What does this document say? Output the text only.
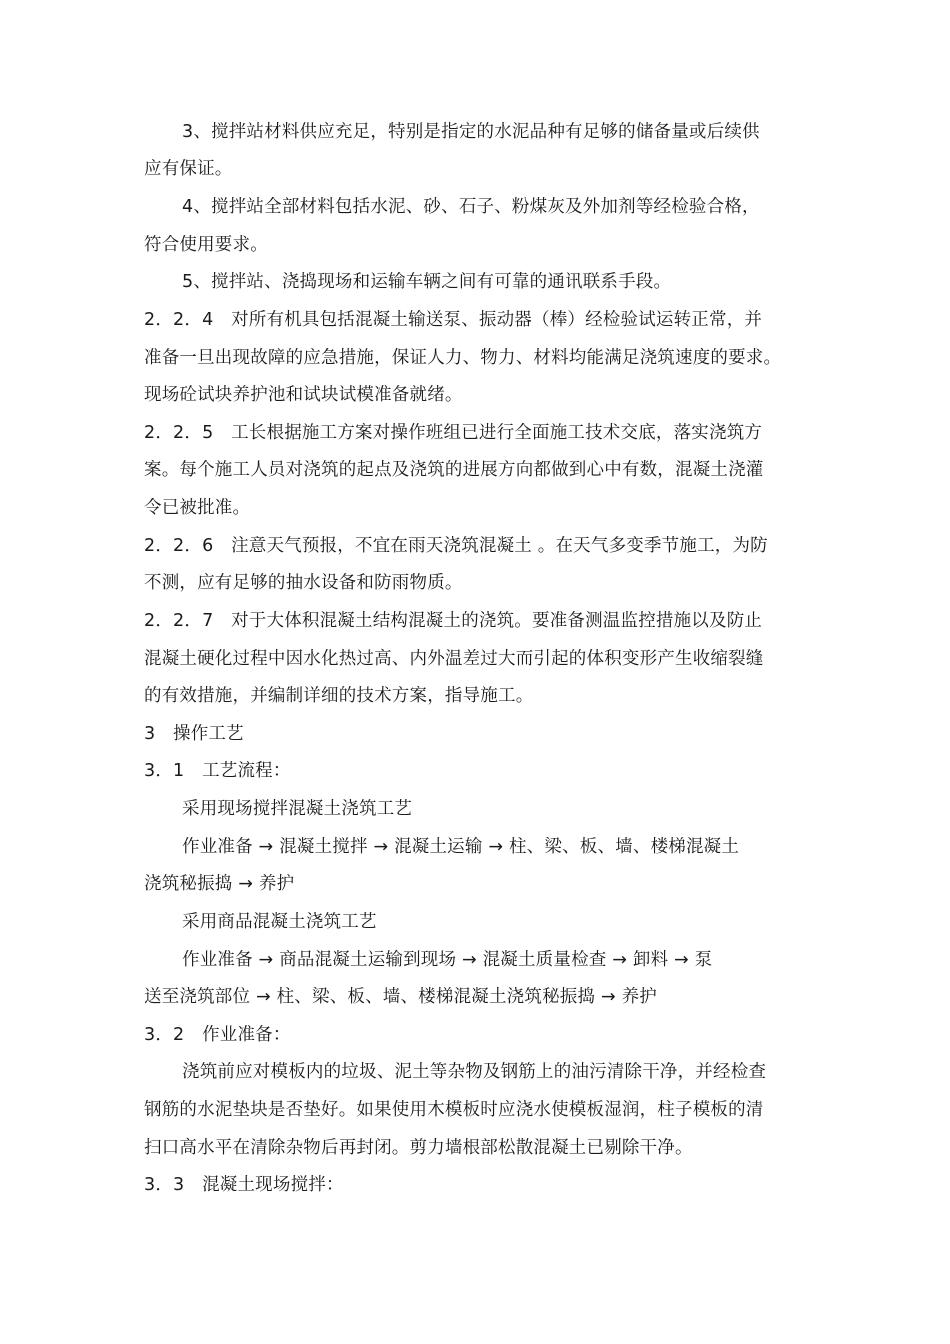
3、搅拌站材料供应充足，特别是指定的水泥品种有足够的储备量或后续供
应有保证。
4、搅拌站全部材料包括水泥、砂、石子、粉煤灰及外加剂等经检验合格，
符合使用要求。
5、搅拌站、浇捣现场和运输车辆之间有可靠的通讯联系手段。
2．2．4　对所有机具包括混凝土输送泵、振动器（棒）经检验试运转正常，并
准备一旦出现故障的应急措施，保证人力、物力、材料均能满足浇筑速度的要求。
现场砼试块养护池和试块试模准备就绪。
2．2．5　工长根据施工方案对操作班组已进行全面施工技术交底，落实浇筑方
案。每个施工人员对浇筑的起点及浇筑的进展方向都做到心中有数，混凝土浇灌
令已被批准。
2．2．6　注意天气预报，不宜在雨天浇筑混凝土 。在天气多变季节施工，为防
不测，应有足够的抽水设备和防雨物质。
2．2．7　对于大体积混凝土结构混凝土的浇筑。要准备测温监控措施以及防止
混凝土硬化过程中因水化热过高、内外温差过大而引起的体积变形产生收缩裂缝
的有效措施，并编制详细的技术方案，指导施工。
3　操作工艺
3．1　工艺流程：
采用现场搅拌混凝土浇筑工艺
作业准备 → 混凝土搅拌 → 混凝土运输 → 柱、梁、板、墙、楼梯混凝土
浇筑秘振捣 → 养护
采用商品混凝土浇筑工艺
作业准备 → 商品混凝土运输到现场 → 混凝土质量检查 → 卸料 → 泵
送至浇筑部位 → 柱、梁、板、墙、楼梯混凝土浇筑秘振捣 → 养护
3．2　作业准备：
浇筑前应对模板内的垃圾、泥土等杂物及钢筋上的油污清除干净，并经检查
钢筋的水泥垫块是否垫好。如果使用木模板时应浇水使模板湿润，柱子模板的清
扫口高水平在清除杂物后再封闭。剪力墙根部松散混凝土已剔除干净。
3．3　混凝土现场搅拌：
